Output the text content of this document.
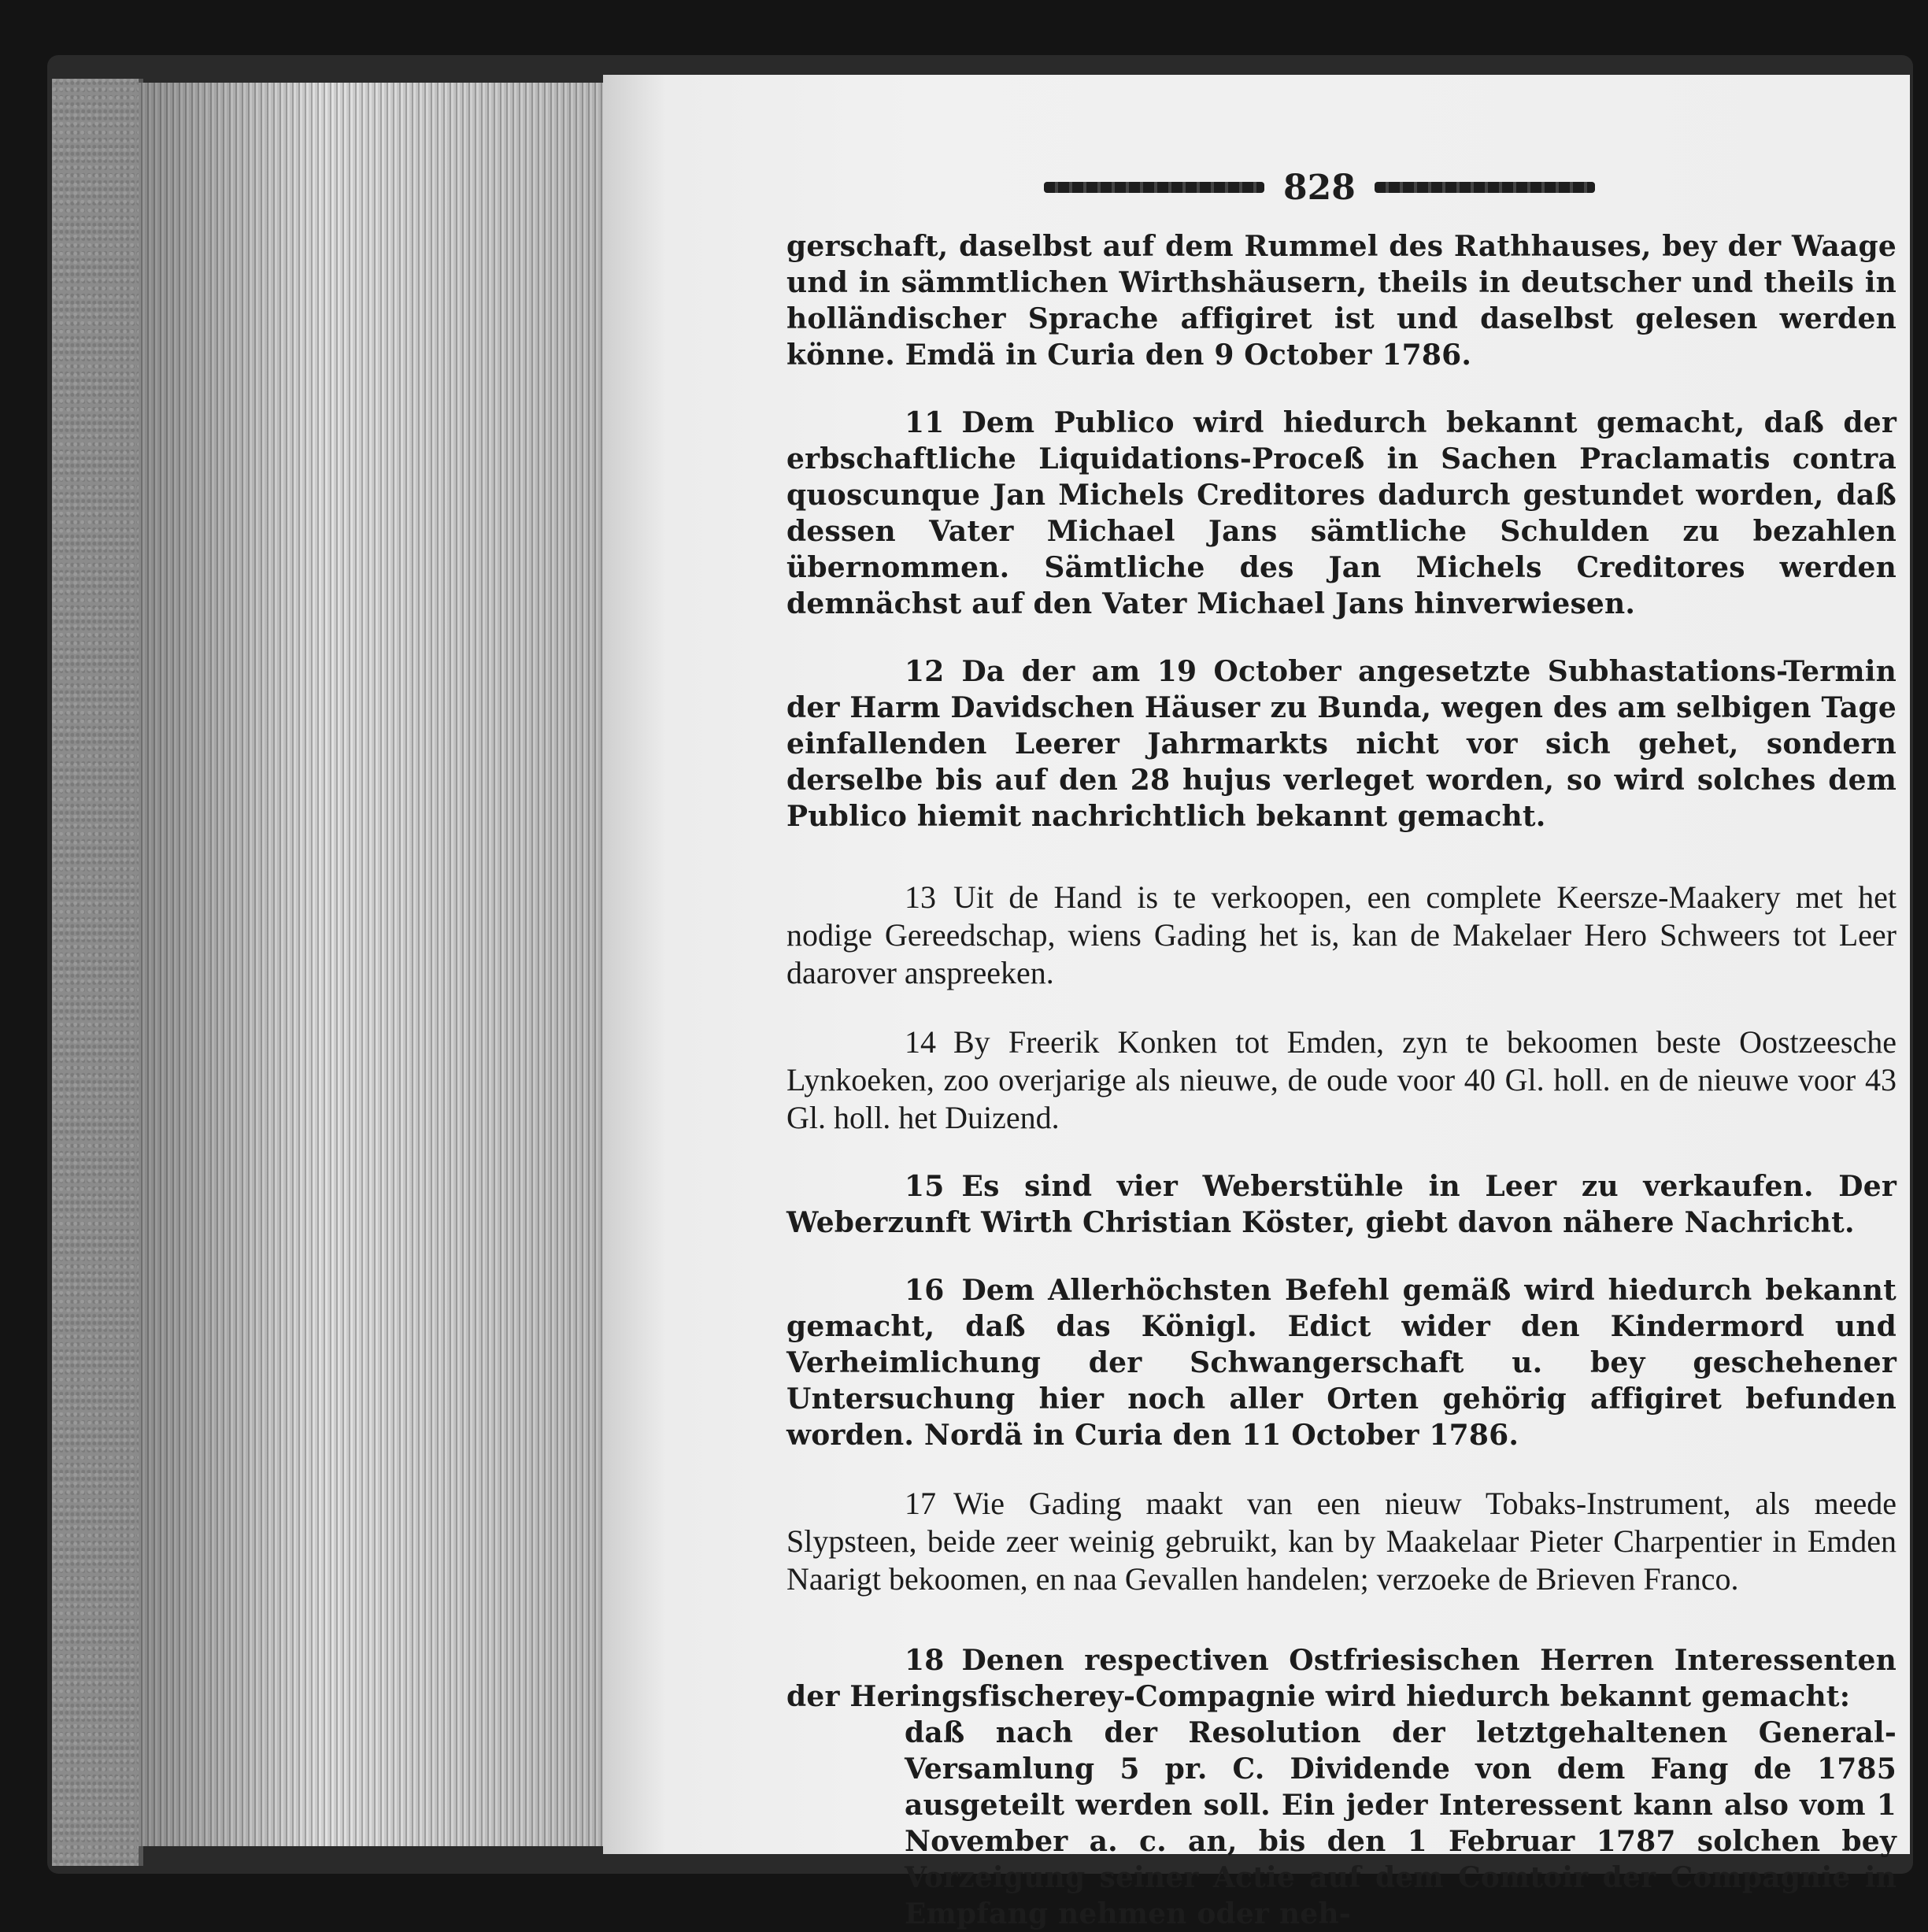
828

gerschaft, daselbst auf dem Rummel des Rathhauses, bey der Waage und in sämmtlichen Wirthshäusern, theils in deutscher und theils in holländischer Sprache affigiret ist und daselbst gelesen werden könne. Emdä in Curia den 9 October 1786.

11 Dem Publico wird hiedurch bekannt gemacht, daß der erbschaftliche Liquidations-Proceß in Sachen Praclamatis contra quoscunque Jan Michels Creditores dadurch gestundet worden, daß dessen Vater Michael Jans sämtliche Schulden zu bezahlen übernommen. Sämtliche des Jan Michels Creditores werden demnächst auf den Vater Michael Jans hinverwiesen.

12 Da der am 19 October angesetzte Subhastations-Termin der Harm Davidschen Häuser zu Bunda, wegen des am selbigen Tage einfallenden Leerer Jahrmarkts nicht vor sich gehet, sondern derselbe bis auf den 28 hujus verleget worden, so wird solches dem Publico hiemit nachrichtlich bekannt gemacht.

13 Uit de Hand is te verkoopen, een complete Keersze-Maakery met het nodige Gereedschap, wiens Gading het is, kan de Makelaer Hero Schweers tot Leer daarover anspreeken.

14 By Freerik Konken tot Emden, zyn te bekoomen beste Oostzeesche Lynkoeken, zoo overjarige als nieuwe, de oude voor 40 Gl. holl. en de nieuwe voor 43 Gl. holl. het Duizend.

15 Es sind vier Weberstühle in Leer zu verkaufen. Der Weberzunft Wirth Christian Köster, giebt davon nähere Nachricht.

16 Dem Allerhöchsten Befehl gemäß wird hiedurch bekannt gemacht, daß das Königl. Edict wider den Kindermord und Verheimlichung der Schwangerschaft u. bey geschehener Untersuchung hier noch aller Orten gehörig affigiret befunden worden. Nordä in Curia den 11 October 1786.

17 Wie Gading maakt van een nieuw Tobaks-Instrument, als meede Slypsteen, beide zeer weinig gebruikt, kan by Maakelaar Pieter Charpentier in Emden Naarigt bekoomen, en naa Gevallen handelen; verzoeke de Brieven Franco.

18 Denen respectiven Ostfriesischen Herren Interessenten der Heringsfischerey-Compagnie wird hiedurch bekannt gemacht:

daß nach der Resolution der letztgehaltenen General-Versamlung 5 pr. C. Dividende von dem Fang de 1785 ausgeteilt werden soll. Ein jeder Interessent kann also vom 1 November a. c. an, bis den 1 Februar 1787 solchen bey Vorzeigung seiner Actie auf dem Comtoir der Compagnie in Empfang nehmen oder neh-
